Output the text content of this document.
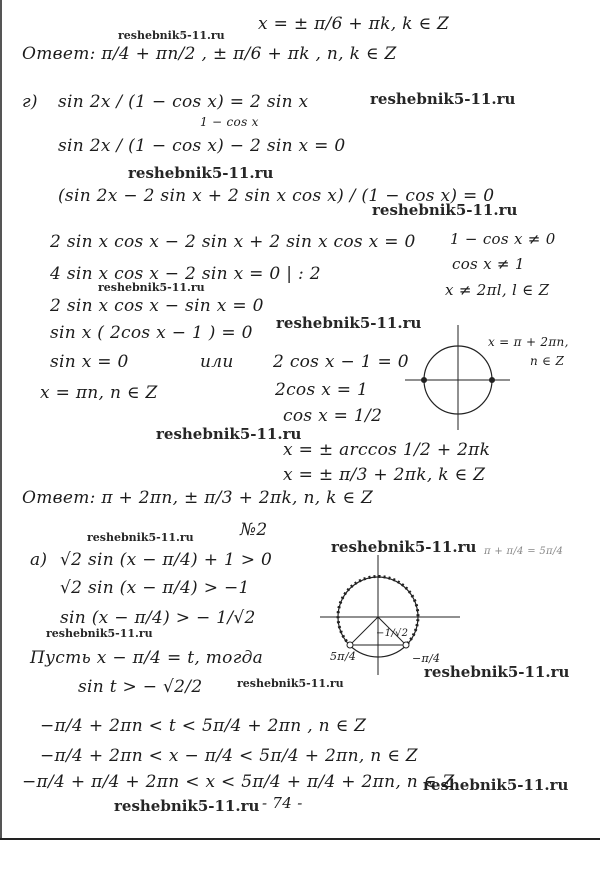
reshebnik5-11.ru
reshebnik5-11.ru
reshebnik5-11.ru
reshebnik5-11.ru
reshebnik5-11.ru
reshebnik5-11.ru
reshebnik5-11.ru
reshebnik5-11.ru
reshebnik5-11.ru
reshebnik5-11.ru
reshebnik5-11.ru
reshebnik5-11.ru
reshebnik5-11.ru
reshebnik5-11.ru
x = ± π/6 + πk, k ∈ Z
Ответ: π/4 + πn/2 , ± π/6 + πk , n, k ∈ Z
г) sin 2x / (1 − cos x) = 2 sin x
1 − cos x
sin 2x / (1 − cos x) − 2 sin x = 0
(sin 2x − 2 sin x + 2 sin x cos x) / (1 − cos x) = 0
2 sin x cos x − 2 sin x + 2 sin x cos x = 0
4 sin x cos x − 2 sin x = 0 | : 2
2 sin x cos x − sin x = 0
sin x ( 2cos x − 1 ) = 0
sin x = 0	или 2 cos x − 1 = 0
x = πn, n ∈ Z	2cos x = 1
cos x = 1/2
x = ± arccos 1/2 + 2πk
x = ± π/3 + 2πk, k ∈ Z
1 − cos x ≠ 0
cos x ≠ 1
x ≠ 2πl, l ∈ Z
x = π + 2πn,
n ∈ Z
Ответ: π + 2πn, ± π/3 + 2πk, n, k ∈ Z
№2
а) √2 sin (x − π/4) + 1 > 0
√2 sin (x − π/4) > −1
sin (x − π/4) > − 1/√2
Пусть x − π/4 = t, тогда
sin t > − √2/2
−π/4 + 2πn < t < 5π/4 + 2πn , n ∈ Z
−π/4 + 2πn < x − π/4 < 5π/4 + 2πn, n ∈ Z
−π/4 + π/4 + 2πn < x < 5π/4 + π/4 + 2πn, n ∈ Z
π + π/4 = 5π/4
5π/4	−π/4
−1/√2
- 74 -
